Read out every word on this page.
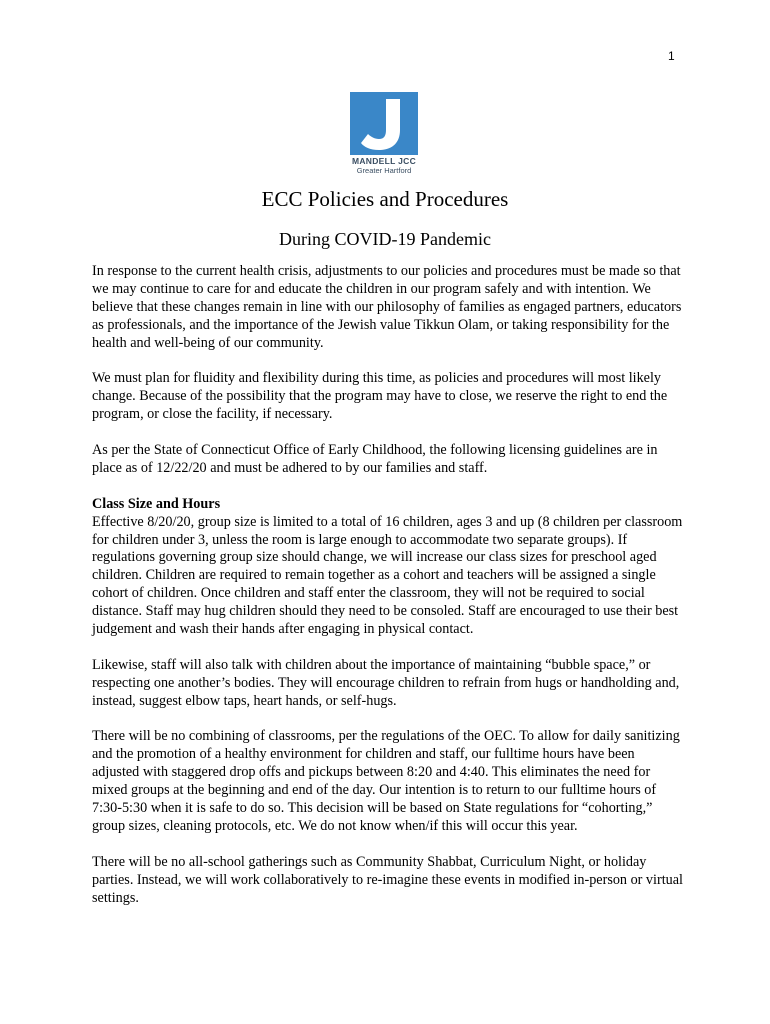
1
MANDELL JCC
Greater Hartford
ECC Policies and Procedures
During COVID-19 Pandemic

In response to the current health crisis, adjustments to our policies and procedures must be made so that we may continue to care for and educate the children in our program safely and with intention. We believe that these changes remain in line with our philosophy of families as engaged partners, educators as professionals, and the importance of the Jewish value Tikkun Olam, or taking responsibility for the health and well-being of our community.

We must plan for fluidity and flexibility during this time, as policies and procedures will most likely change. Because of the possibility that the program may have to close, we reserve the right to end the program, or close the facility, if necessary.

As per the State of Connecticut Office of Early Childhood, the following licensing guidelines are in place as of 12/22/20 and must be adhered to by our families and staff.

Class Size and Hours
Effective 8/20/20, group size is limited to a total of 16 children, ages 3 and up (8 children per classroom for children under 3, unless the room is large enough to accommodate two separate groups). If regulations governing group size should change, we will increase our class sizes for preschool aged children. Children are required to remain together as a cohort and teachers will be assigned a single cohort of children. Once children and staff enter the classroom, they will not be required to social distance. Staff may hug children should they need to be consoled. Staff are encouraged to use their best judgement and wash their hands after engaging in physical contact.

Likewise, staff will also talk with children about the importance of maintaining “bubble space,” or respecting one another’s bodies. They will encourage children to refrain from hugs or handholding and, instead, suggest elbow taps, heart hands, or self-hugs.

There will be no combining of classrooms, per the regulations of the OEC. To allow for daily sanitizing and the promotion of a healthy environment for children and staff, our fulltime hours have been adjusted with staggered drop offs and pickups between 8:20 and 4:40. This eliminates the need for mixed groups at the beginning and end of the day. Our intention is to return to our fulltime hours of 7:30-5:30 when it is safe to do so. This decision will be based on State regulations for “cohorting,” group sizes, cleaning protocols, etc. We do not know when/if this will occur this year.

There will be no all-school gatherings such as Community Shabbat, Curriculum Night, or holiday parties. Instead, we will work collaboratively to re-imagine these events in modified in-person or virtual settings.
